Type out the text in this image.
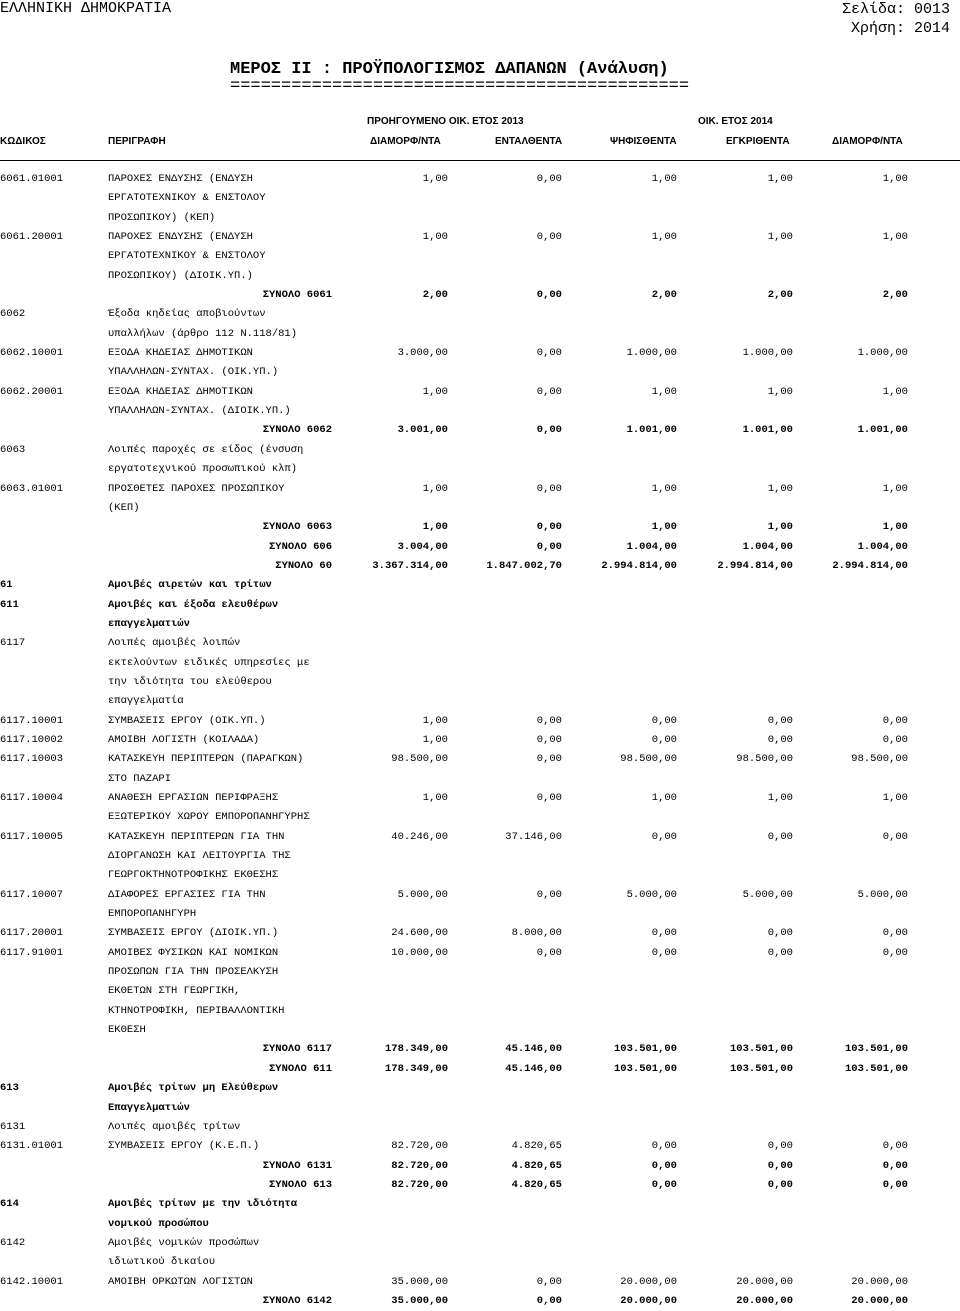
ΕΛΛΗΝΙΚΗ ΔΗΜΟΚΡΑΤΙΑ	Σελίδα: 0013
Χρήση: 2014
ΜΕΡΟΣ ΙΙ : ΠΡΟΫΠΟΛΟΓΙΣΜΟΣ ΔΑΠΑΝΩΝ (Ανάλυση)
=============================================
ΠΡΟΗΓΟΥΜΕΝΟ ΟΙΚ. ΕΤΟΣ 2013	ΟΙΚ. ΕΤΟΣ 2014
ΚΩΔΙΚΟΣ	ΠΕΡΙΓΡΑΦΗ	ΔΙΑΜΟΡΦ/ΝΤΑ	ΕΝΤΑΛΘΕΝΤΑ	ΨΗΦΙΣΘΕΝΤΑ	ΕΓΚΡΙΘΕΝΤΑ	ΔΙΑΜΟΡΦ/ΝΤΑ
6061.01001	ΠΑΡΟΧΕΣ ΕΝΔΥΣΗΣ (ΕΝΔΥΣΗ	1,00	0,00	1,00	1,00	1,00
ΕΡΓΑΤΟΤΕΧΝΙΚΟΥ & ΕΝΣΤΟΛΟΥ
ΠΡΟΣΩΠΙΚΟΥ) (ΚΕΠ)
6061.20001	ΠΑΡΟΧΕΣ ΕΝΔΥΣΗΣ (ΕΝΔΥΣΗ	1,00	0,00	1,00	1,00	1,00
ΕΡΓΑΤΟΤΕΧΝΙΚΟΥ & ΕΝΣΤΟΛΟΥ
ΠΡΟΣΩΠΙΚΟΥ) (ΔΙΟΙΚ.ΥΠ.)
ΣΥΝΟΛΟ 6061	2,00	0,00	2,00	2,00	2,00
6062	Έξοδα κηδείας αποβιούντων
υπαλλήλων (άρθρο 112 Ν.118/81)
6062.10001	ΕΞΟΔΑ ΚΗΔΕΙΑΣ ΔΗΜΟΤΙΚΩΝ	3.000,00	0,00	1.000,00	1.000,00	1.000,00
ΥΠΑΛΛΗΛΩΝ-ΣΥΝΤΑΧ. (ΟΙΚ.ΥΠ.)
6062.20001	ΕΞΟΔΑ ΚΗΔΕΙΑΣ ΔΗΜΟΤΙΚΩΝ	1,00	0,00	1,00	1,00	1,00
ΥΠΑΛΛΗΛΩΝ-ΣΥΝΤΑΧ. (ΔΙΟΙΚ.ΥΠ.)
ΣΥΝΟΛΟ 6062	3.001,00	0,00	1.001,00	1.001,00	1.001,00
6063	Λοιπές παροχές σε είδος (ένσυση
εργατοτεχνικού προσωπικού κλπ)
6063.01001	ΠΡΟΣΘΕΤΕΣ ΠΑΡΟΧΕΣ ΠΡΟΣΩΠΙΚΟΥ	1,00	0,00	1,00	1,00	1,00
(ΚΕΠ)
ΣΥΝΟΛΟ 6063	1,00	0,00	1,00	1,00	1,00
ΣΥΝΟΛΟ 606	3.004,00	0,00	1.004,00	1.004,00	1.004,00
ΣΥΝΟΛΟ 60	3.367.314,00	1.847.002,70	2.994.814,00	2.994.814,00	2.994.814,00
61	Αμοιβές αιρετών και τρίτων
611	Αμοιβές και έξοδα ελευθέρων
επαγγελματιών
6117	Λοιπές αμοιβές λοιπών
εκτελούντων ειδικές υπηρεσίες με
την ιδιότητα του ελεύθερου
επαγγελματία
6117.10001	ΣΥΜΒΑΣΕΙΣ ΕΡΓΟΥ (ΟΙΚ.ΥΠ.)	1,00	0,00	0,00	0,00	0,00
6117.10002	ΑΜΟΙΒΗ ΛΟΓΙΣΤΗ (ΚΟΙΛΑΔΑ)	1,00	0,00	0,00	0,00	0,00
6117.10003	ΚΑΤΑΣΚΕΥΗ ΠΕΡΙΠΤΕΡΩΝ (ΠΑΡΑΓΚΩΝ)	98.500,00	0,00	98.500,00	98.500,00	98.500,00
ΣΤΟ ΠΑΖΑΡΙ
6117.10004	ΑΝΑΘΕΣΗ ΕΡΓΑΣΙΩΝ ΠΕΡΙΦΡΑΞΗΣ	1,00	0,00	1,00	1,00	1,00
ΕΞΩΤΕΡΙΚΟΥ ΧΩΡΟΥ ΕΜΠΟΡΟΠΑΝΗΓΥΡΗΣ
6117.10005	ΚΑΤΑΣΚΕΥΗ ΠΕΡΙΠΤΕΡΩΝ ΓΙΑ ΤΗΝ	40.246,00	37.146,00	0,00	0,00	0,00
ΔΙΟΡΓΑΝΩΣΗ ΚΑΙ ΛΕΙΤΟΥΡΓΙΑ ΤΗΣ
ΓΕΩΡΓΟΚΤΗΝΟΤΡΟΦΙΚΗΣ ΕΚΘΕΣΗΣ
6117.10007	ΔΙΑΦΟΡΕΣ ΕΡΓΑΣΙΕΣ ΓΙΑ ΤΗΝ	5.000,00	0,00	5.000,00	5.000,00	5.000,00
ΕΜΠΟΡΟΠΑΝΗΓΥΡΗ
6117.20001	ΣΥΜΒΑΣΕΙΣ ΕΡΓΟΥ (ΔΙΟΙΚ.ΥΠ.)	24.600,00	8.000,00	0,00	0,00	0,00
6117.91001	ΑΜΟΙΒΕΣ ΦΥΣΙΚΩΝ ΚΑΙ ΝΟΜΙΚΩΝ	10.000,00	0,00	0,00	0,00	0,00
ΠΡΟΣΩΠΩΝ ΓΙΑ ΤΗΝ ΠΡΟΣΕΛΚΥΣΗ
ΕΚΘΕΤΩΝ ΣΤΗ ΓΕΩΡΓΙΚΗ,
ΚΤΗΝΟΤΡΟΦΙΚΗ, ΠΕΡΙΒΑΛΛΟΝΤΙΚΗ
ΕΚΘΕΣΗ
ΣΥΝΟΛΟ 6117	178.349,00	45.146,00	103.501,00	103.501,00	103.501,00
ΣΥΝΟΛΟ 611	178.349,00	45.146,00	103.501,00	103.501,00	103.501,00
613	Αμοιβές τρίτων μη Ελεύθερων
Επαγγελματιών
6131	Λοιπές αμοιβές τρίτων
6131.01001	ΣΥΜΒΑΣΕΙΣ ΕΡΓΟΥ (Κ.Ε.Π.)	82.720,00	4.820,65	0,00	0,00	0,00
ΣΥΝΟΛΟ 6131	82.720,00	4.820,65	0,00	0,00	0,00
ΣΥΝΟΛΟ 613	82.720,00	4.820,65	0,00	0,00	0,00
614	Αμοιβές τρίτων με την ιδιότητα
νομικού προσώπου
6142	Αμοιβές νομικών προσώπων
ιδιωτικού δικαίου
6142.10001	ΑΜΟΙΒΗ ΟΡΚΩΤΩΝ ΛΟΓΙΣΤΩΝ	35.000,00	0,00	20.000,00	20.000,00	20.000,00
ΣΥΝΟΛΟ 6142	35.000,00	0,00	20.000,00	20.000,00	20.000,00
